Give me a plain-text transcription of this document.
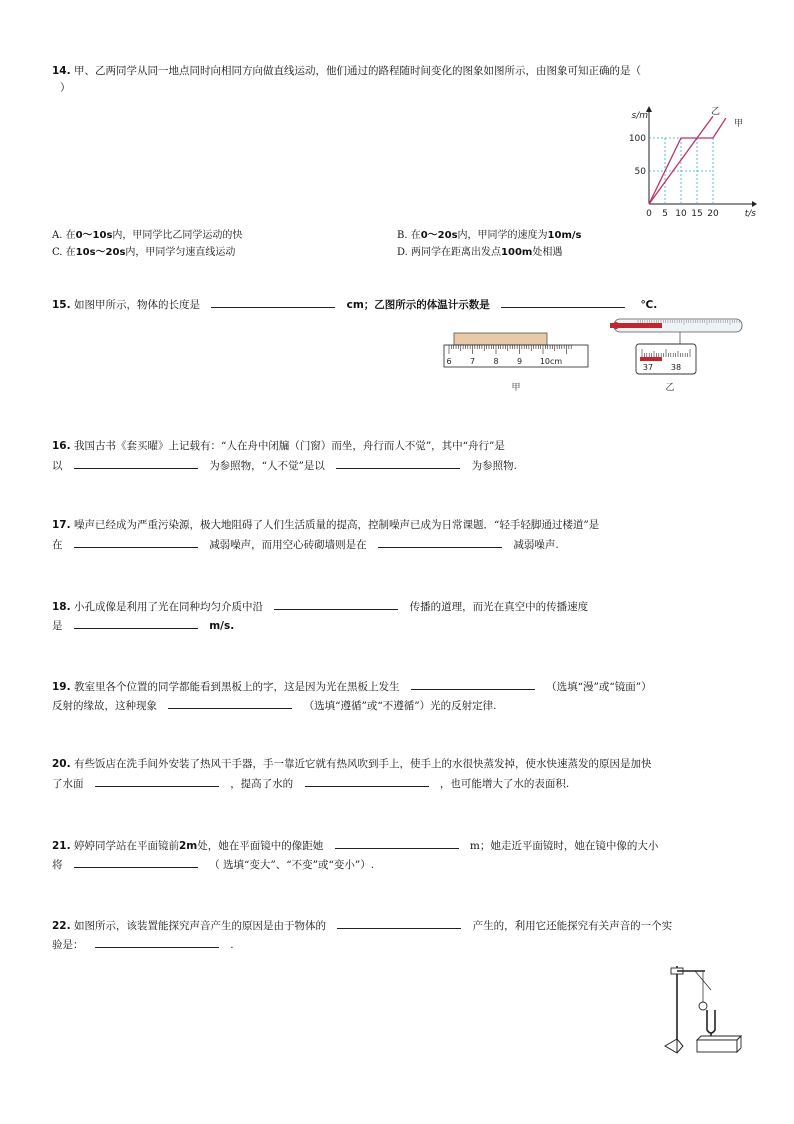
14. 甲、乙两同学从同一地点同时向相同方向做直线运动，他们通过的路程随时间变化的图象如图所示，由图象可知正确的是（
）
0 5 10 15 20
100
50
s/m
t/s
甲
乙
A. 在0～10s内，甲同学比乙同学运动的快	B. 在0～20s内，甲同学的速度为10m/s
C. 在10s～20s内，甲同学匀速直线运动	D. 两同学在距离出发点100m处相遇
15. 如图甲所示，物体的长度是	cm；乙图所示的体温计示数是	℃.
6 7 8 9 10cm
甲
37 38
乙
16. 我国古书《套买曜》上记载有：“人在舟中闭牖（门窗）而坐，舟行而人不觉”，其中“舟行”是
以	为参照物，“人不觉”是以	为参照物.
17. 噪声已经成为严重污染源，极大地阻碍了人们生活质量的提高，控制噪声已成为日常课题．“轻手轻脚通过楼道”是
在	减弱噪声，而用空心砖砌墙则是在	减弱噪声.
18. 小孔成像是利用了光在同种均匀介质中沿	传播的道理，而光在真空中的传播速度
是	m/s.
19. 教室里各个位置的同学都能看到黑板上的字，这是因为光在黑板上发生	（选填“漫”或“镜面”）
反射的缘故，这种现象	（选填“遵循”或“不遵循”）光的反射定律.
20. 有些饭店在洗手间外安装了热风干手器，手一靠近它就有热风吹到手上，使手上的水很快蒸发掉，使水快速蒸发的原因是加快
了水面	，提高了水的	，也可能增大了水的表面积.
21. 婷婷同学站在平面镜前2m处，她在平面镜中的像距她	m；她走近平面镜时，她在镜中像的大小
将	（ 选填“变大”、“不变”或“变小”）.
22. 如图所示，该装置能探究声音产生的原因是由于物体的	产生的，利用它还能探究有关声音的一个实
验是：	.
